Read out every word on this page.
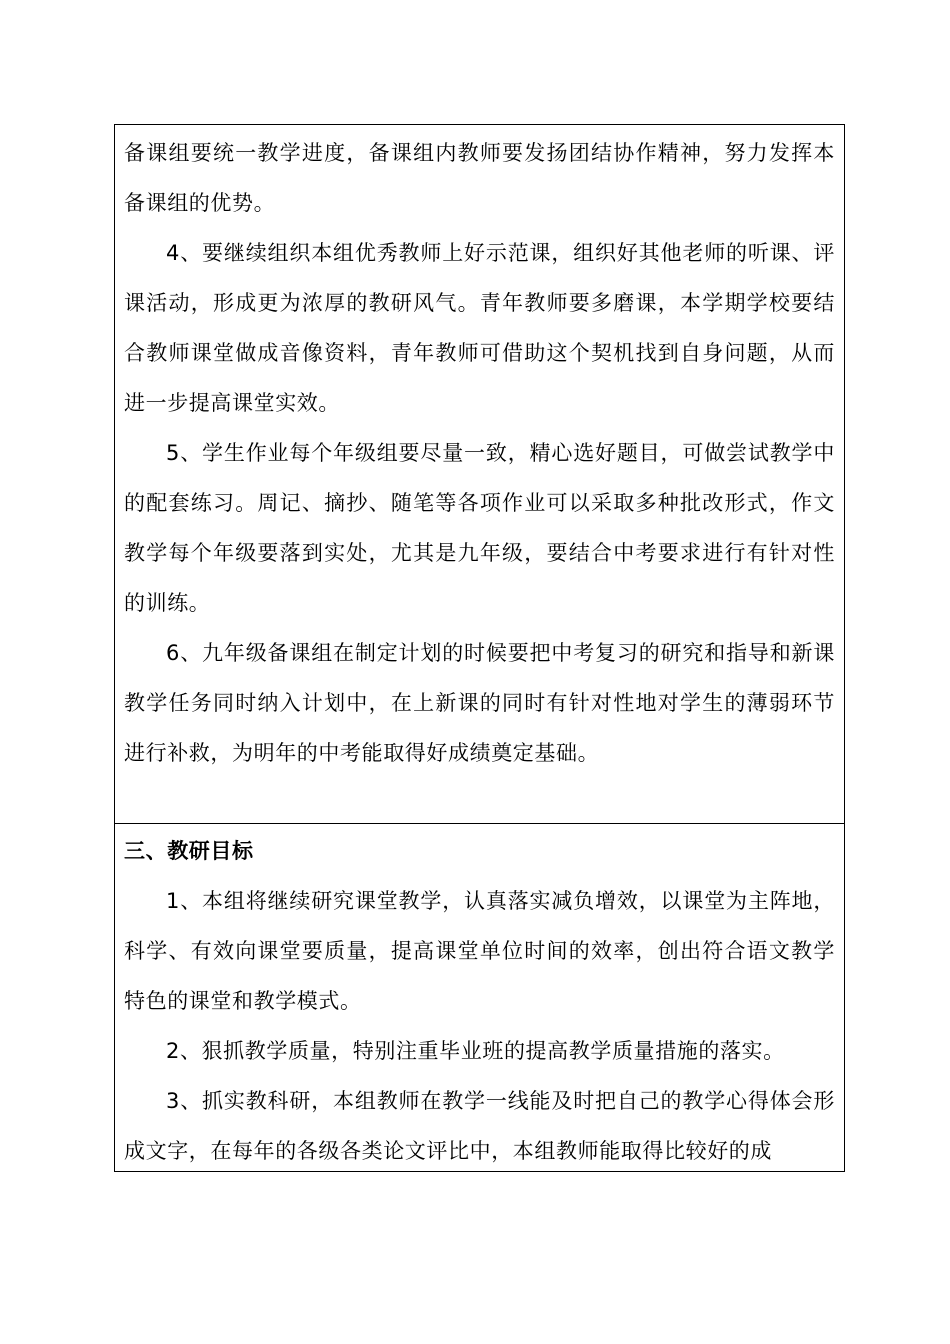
备课组要统一教学进度，备课组内教师要发扬团结协作精神，努力发挥本备课组的优势。

4、要继续组织本组优秀教师上好示范课，组织好其他老师的听课、评课活动，形成更为浓厚的教研风气。青年教师要多磨课，本学期学校要结合教师课堂做成音像资料，青年教师可借助这个契机找到自身问题，从而进一步提高课堂实效。

5、学生作业每个年级组要尽量一致，精心选好题目，可做尝试教学中的配套练习。周记、摘抄、随笔等各项作业可以采取多种批改形式，作文教学每个年级要落到实处，尤其是九年级，要结合中考要求进行有针对性的训练。

6、九年级备课组在制定计划的时候要把中考复习的研究和指导和新课教学任务同时纳入计划中，在上新课的同时有针对性地对学生的薄弱环节进行补救，为明年的中考能取得好成绩奠定基础。

三、教研目标

1、本组将继续研究课堂教学，认真落实减负增效，以课堂为主阵地，科学、有效向课堂要质量，提高课堂单位时间的效率，创出符合语文教学特色的课堂和教学模式。

2、狠抓教学质量，特别注重毕业班的提高教学质量措施的落实。

3、抓实教科研，本组教师在教学一线能及时把自己的教学心得体会形成文字，在每年的各级各类论文评比中，本组教师能取得比较好的成
